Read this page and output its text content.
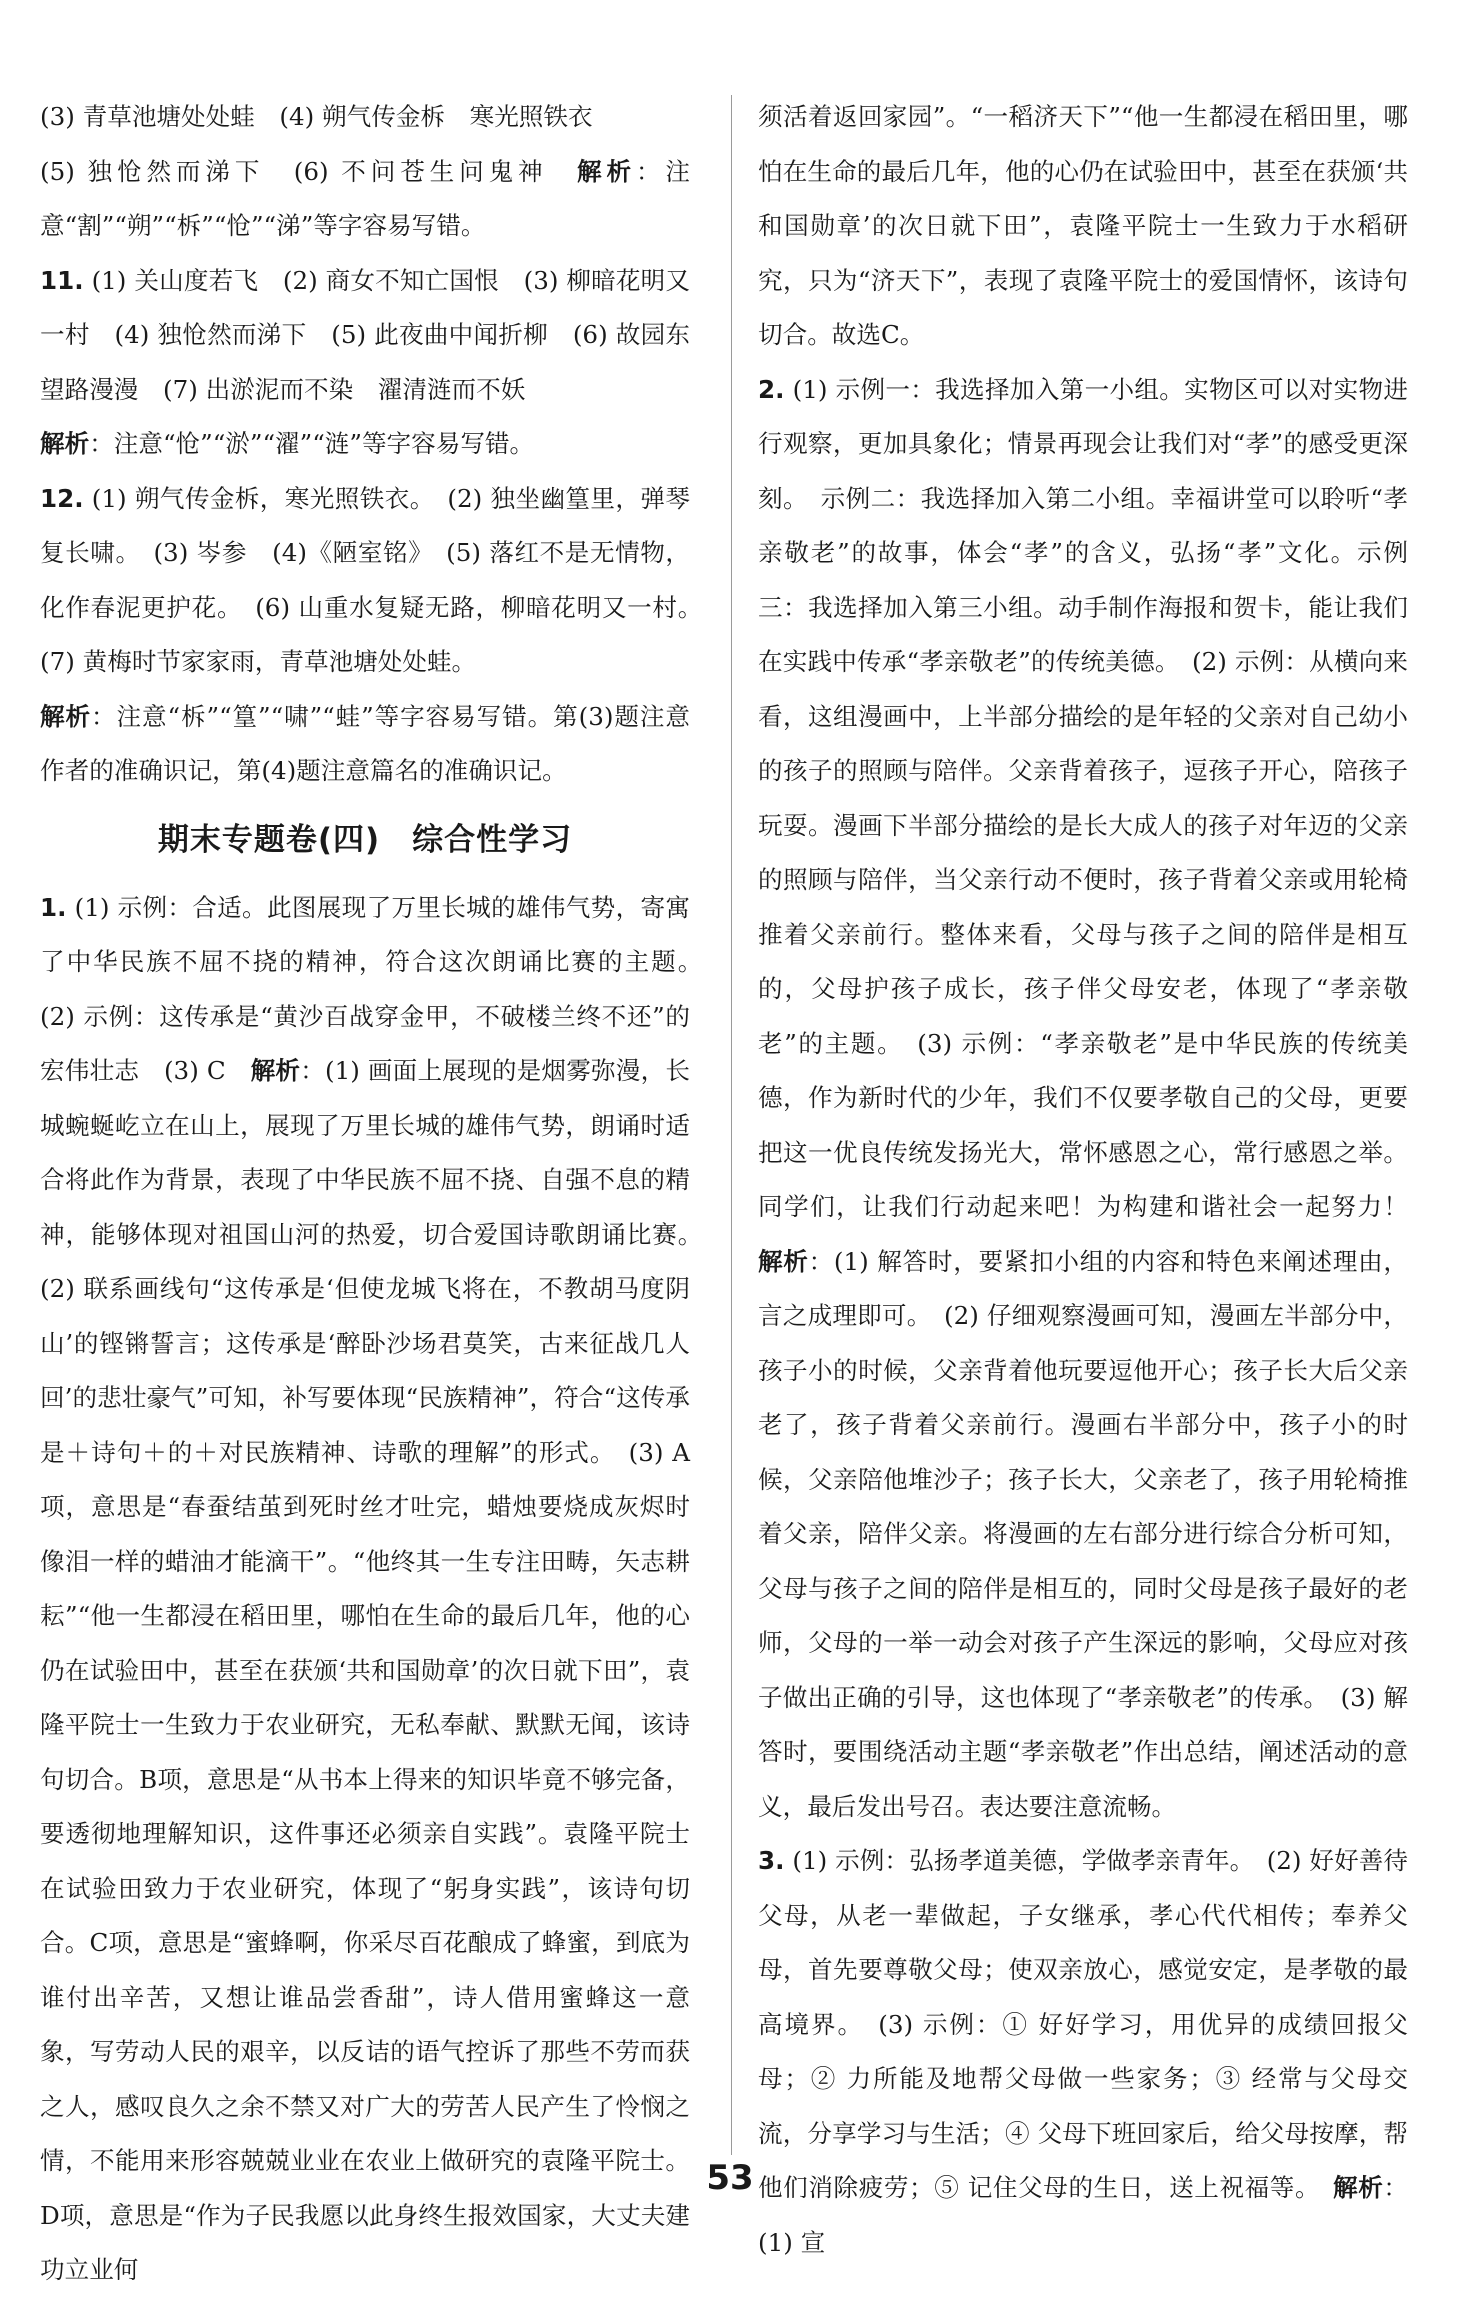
(3) 青草池塘处处蛙　(4) 朔气传金柝　寒光照铁衣
(5) 独怆然而涕下　(6) 不问苍生问鬼神　解析：注意“割”“朔”“柝”“怆”“涕”等字容易写错。

11. (1) 关山度若飞　(2) 商女不知亡国恨　(3) 柳暗花明又一村　(4) 独怆然而涕下　(5) 此夜曲中闻折柳　(6) 故园东望路漫漫　(7) 出淤泥而不染　濯清涟而不妖
解析：注意“怆”“淤”“濯”“涟”等字容易写错。

12. (1) 朔气传金柝，寒光照铁衣。　(2) 独坐幽篁里，弹琴复长啸。　(3) 岑参　(4)《陋室铭》　(5) 落红不是无情物，化作春泥更护花。　(6) 山重水复疑无路，柳暗花明又一村。　(7) 黄梅时节家家雨，青草池塘处处蛙。
解析：注意“柝”“篁”“啸”“蛙”等字容易写错。第(3)题注意作者的准确识记，第(4)题注意篇名的准确识记。

期末专题卷(四)　综合性学习

1. (1) 示例：合适。此图展现了万里长城的雄伟气势，寄寓了中华民族不屈不挠的精神，符合这次朗诵比赛的主题。　(2) 示例：这传承是“黄沙百战穿金甲，不破楼兰终不还”的宏伟壮志　(3) C　解析：(1) 画面上展现的是烟雾弥漫，长城蜿蜒屹立在山上，展现了万里长城的雄伟气势，朗诵时适合将此作为背景，表现了中华民族不屈不挠、自强不息的精神，能够体现对祖国山河的热爱，切合爱国诗歌朗诵比赛。　(2) 联系画线句“这传承是‘但使龙城飞将在，不教胡马度阴山’的铿锵誓言；这传承是‘醉卧沙场君莫笑，古来征战几人回’的悲壮豪气”可知，补写要体现“民族精神”，符合“这传承是＋诗句＋的＋对民族精神、诗歌的理解”的形式。　(3) A项，意思是“春蚕结茧到死时丝才吐完，蜡烛要烧成灰烬时像泪一样的蜡油才能滴干”。“他终其一生专注田畴，矢志耕耘”“他一生都浸在稻田里，哪怕在生命的最后几年，他的心仍在试验田中，甚至在获颁‘共和国勋章’的次日就下田”，袁隆平院士一生致力于农业研究，无私奉献、默默无闻，该诗句切合。B项，意思是“从书本上得来的知识毕竟不够完备，要透彻地理解知识，这件事还必须亲自实践”。袁隆平院士在试验田致力于农业研究，体现了“躬身实践”，该诗句切合。C项，意思是“蜜蜂啊，你采尽百花酿成了蜂蜜，到底为谁付出辛苦，又想让谁品尝香甜”，诗人借用蜜蜂这一意象，写劳动人民的艰辛，以反诘的语气控诉了那些不劳而获之人，感叹良久之余不禁又对广大的劳苦人民产生了怜悯之情，不能用来形容兢兢业业在农业上做研究的袁隆平院士。D项，意思是“作为子民我愿以此身终生报效国家，大丈夫建功立业何

须活着返回家园”。“一稻济天下”“他一生都浸在稻田里，哪怕在生命的最后几年，他的心仍在试验田中，甚至在获颁‘共和国勋章’的次日就下田”，袁隆平院士一生致力于水稻研究，只为“济天下”，表现了袁隆平院士的爱国情怀，该诗句切合。故选C。

2. (1) 示例一：我选择加入第一小组。实物区可以对实物进行观察，更加具象化；情景再现会让我们对“孝”的感受更深刻。　示例二：我选择加入第二小组。幸福讲堂可以聆听“孝亲敬老”的故事，体会“孝”的含义，弘扬“孝”文化。示例三：我选择加入第三小组。动手制作海报和贺卡，能让我们在实践中传承“孝亲敬老”的传统美德。　(2) 示例：从横向来看，这组漫画中，上半部分描绘的是年轻的父亲对自己幼小的孩子的照顾与陪伴。父亲背着孩子，逗孩子开心，陪孩子玩耍。漫画下半部分描绘的是长大成人的孩子对年迈的父亲的照顾与陪伴，当父亲行动不便时，孩子背着父亲或用轮椅推着父亲前行。整体来看，父母与孩子之间的陪伴是相互的，父母护孩子成长，孩子伴父母安老，体现了“孝亲敬老”的主题。　(3) 示例：“孝亲敬老”是中华民族的传统美德，作为新时代的少年，我们不仅要孝敬自己的父母，更要把这一优良传统发扬光大，常怀感恩之心，常行感恩之举。同学们，让我们行动起来吧！为构建和谐社会一起努力！　解析：(1) 解答时，要紧扣小组的内容和特色来阐述理由，言之成理即可。　(2) 仔细观察漫画可知，漫画左半部分中，孩子小的时候，父亲背着他玩要逗他开心；孩子长大后父亲老了，孩子背着父亲前行。漫画右半部分中，孩子小的时候，父亲陪他堆沙子；孩子长大，父亲老了，孩子用轮椅推着父亲，陪伴父亲。将漫画的左右部分进行综合分析可知，父母与孩子之间的陪伴是相互的，同时父母是孩子最好的老师，父母的一举一动会对孩子产生深远的影响，父母应对孩子做出正确的引导，这也体现了“孝亲敬老”的传承。　(3) 解答时，要围绕活动主题“孝亲敬老”作出总结，阐述活动的意义，最后发出号召。表达要注意流畅。

3. (1) 示例：弘扬孝道美德，学做孝亲青年。　(2) 好好善待父母，从老一辈做起，子女继承，孝心代代相传；奉养父母，首先要尊敬父母；使双亲放心，感觉安定，是孝敬的最高境界。　(3) 示例：① 好好学习，用优异的成绩回报父母；② 力所能及地帮父母做一些家务；③ 经常与父母交流，分享学习与生活；④ 父母下班回家后，给父母按摩，帮他们消除疲劳；⑤ 记住父母的生日，送上祝福等。　解析：(1) 宣

53
